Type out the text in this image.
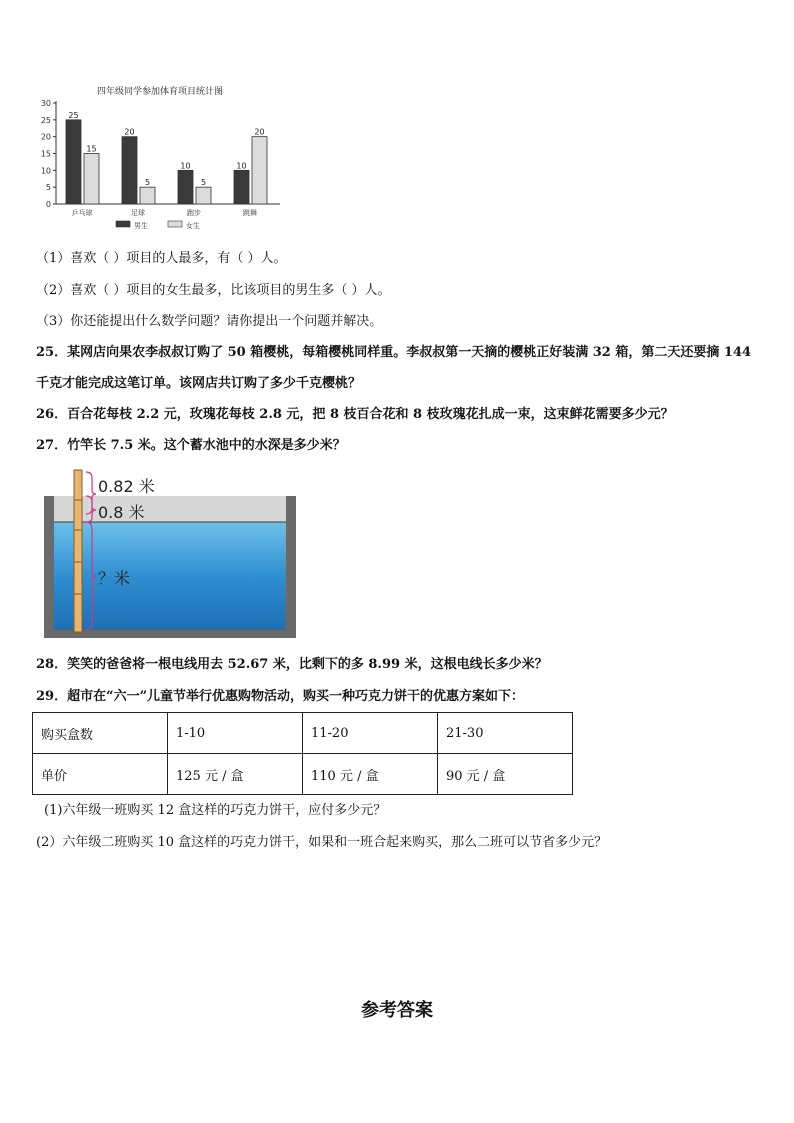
四年级同学参加体育项目统计图
0
5
10
15
20
25
30
25
15
乒乓球
20
5
足球
10
5
跑步
10
20
跳舞
男生	女生
（1）喜欢（ ）项目的人最多，有（ ）人。
（2）喜欢（ ）项目的女生最多，比该项目的男生多（ ）人。
（3）你还能提出什么数学问题？请你提出一个问题并解决。
25．某网店向果农李叔叔订购了 50 箱樱桃，每箱樱桃同样重。李叔叔第一天摘的樱桃正好装满 32 箱，第二天还要摘 144
千克才能完成这笔订单。该网店共订购了多少千克樱桃？
26．百合花每枝 2.2 元，玫瑰花每枝 2.8 元，把 8 枝百合花和 8 枝玫瑰花扎成一束，这束鲜花需要多少元？
27．竹竿长 7.5 米。这个蓄水池中的水深是多少米？
0.82 米
0.8 米
？米
28．笑笑的爸爸将一根电线用去 52.67 米，比剩下的多 8.99 米，这根电线长多少米？
29．超市在“六一”儿童节举行优惠购物活动，购买一种巧克力饼干的优惠方案如下：
购买盒数	1-10	11-20	21-30
单价	125 元 / 盒	110 元 / 盒	90 元 / 盒
(1)六年级一班购买 12 盒这样的巧克力饼干，应付多少元？
(2）六年级二班购买 10 盒这样的巧克力饼干，如果和一班合起来购买，那么二班可以节省多少元？
参考答案
